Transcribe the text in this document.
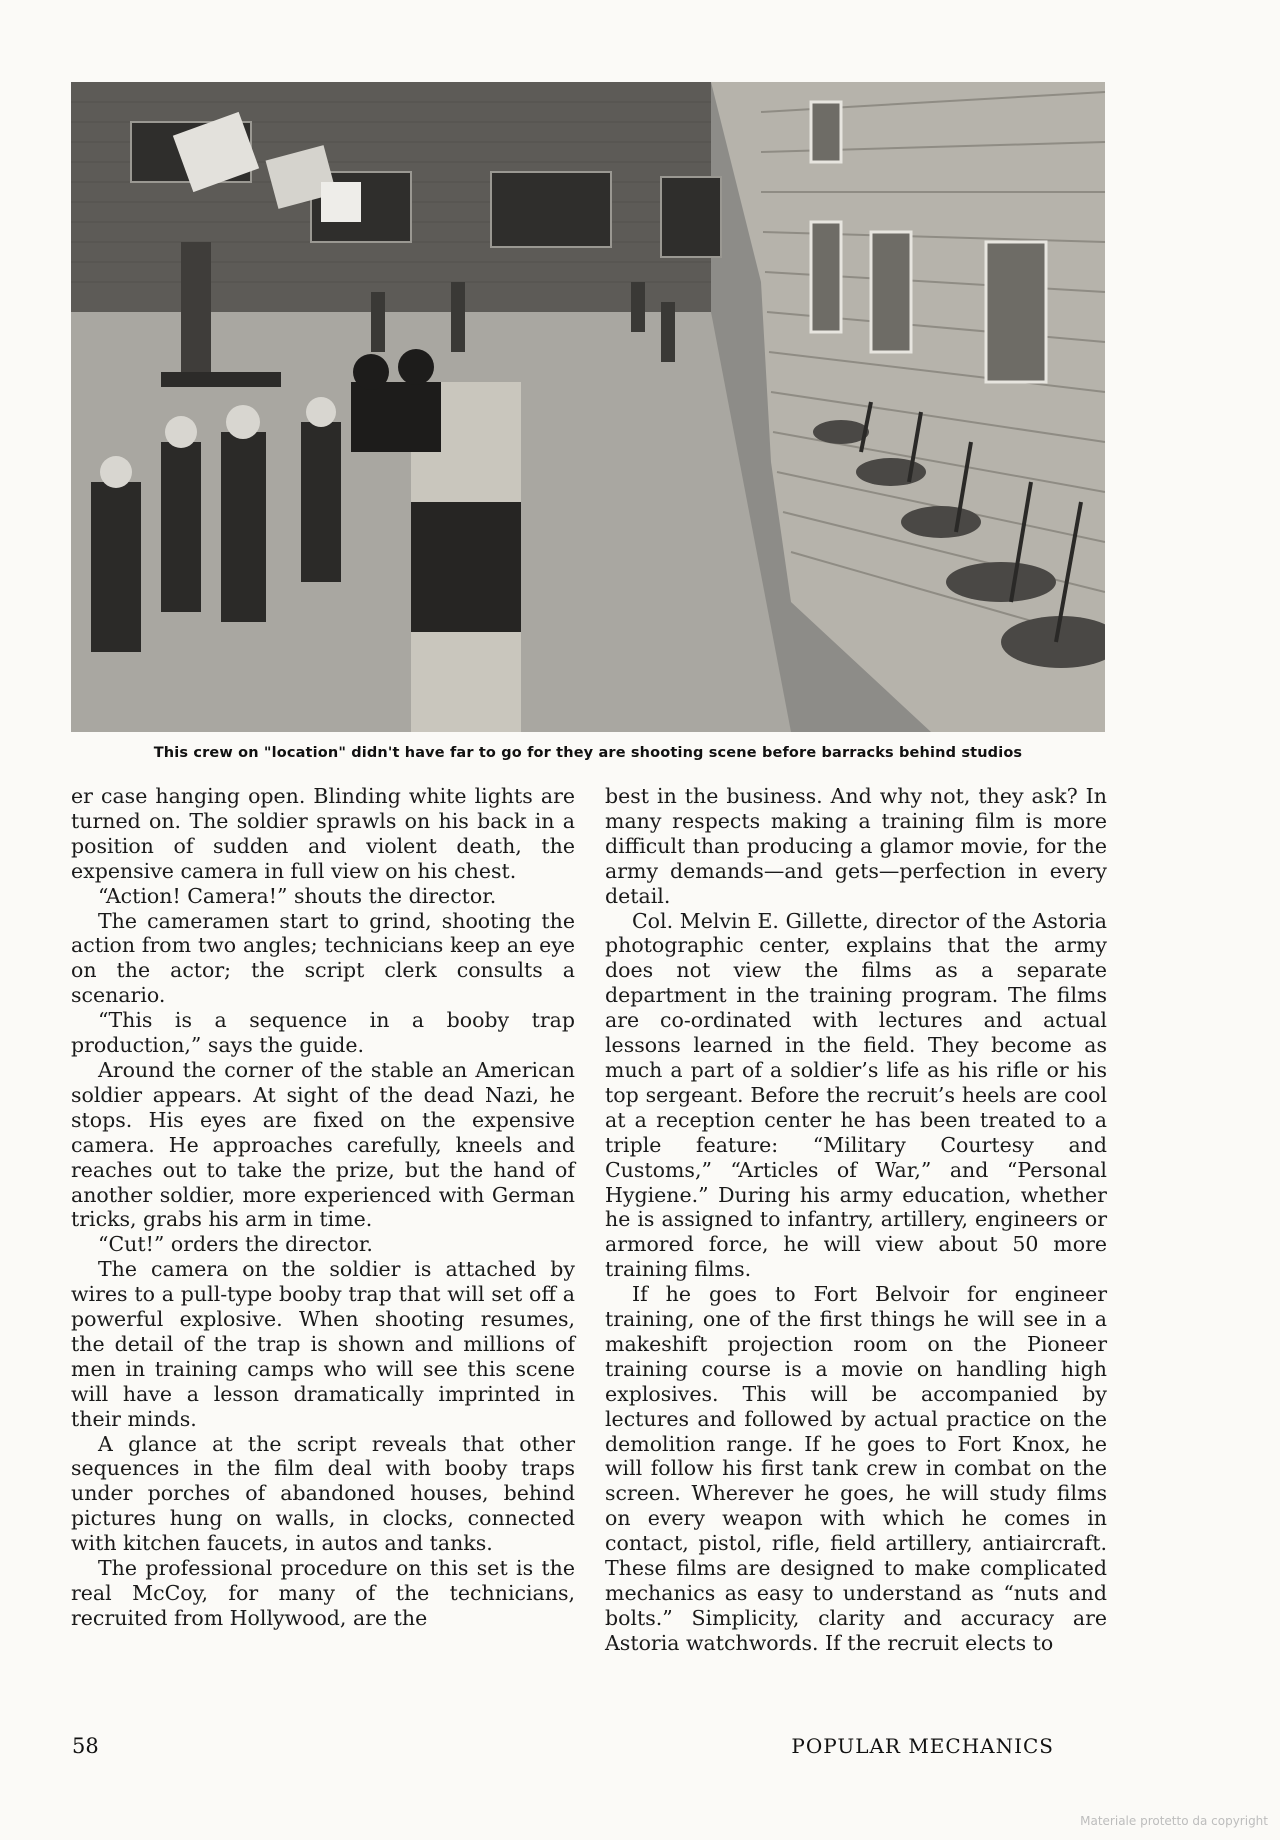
This crew on "location" didn't have far to go for they are shooting scene before barracks behind studios

er case hanging open. Blinding white lights are turned on. The soldier sprawls on his back in a position of sudden and violent death, the expensive camera in full view on his chest.

“Action! Camera!” shouts the director.

The cameramen start to grind, shooting the action from two angles; technicians keep an eye on the actor; the script clerk consults a scenario.

“This is a sequence in a booby trap production,” says the guide.

Around the corner of the stable an American soldier appears. At sight of the dead Nazi, he stops. His eyes are fixed on the expensive camera. He approaches carefully, kneels and reaches out to take the prize, but the hand of another soldier, more experienced with German tricks, grabs his arm in time.

“Cut!” orders the director.

The camera on the soldier is attached by wires to a pull-type booby trap that will set off a powerful explosive. When shooting resumes, the detail of the trap is shown and millions of men in training camps who will see this scene will have a lesson dramatically imprinted in their minds.

A glance at the script reveals that other sequences in the film deal with booby traps under porches of abandoned houses, behind pictures hung on walls, in clocks, connected with kitchen faucets, in autos and tanks.

The professional procedure on this set is the real McCoy, for many of the technicians, recruited from Hollywood, are the

best in the business. And why not, they ask? In many respects making a training film is more difficult than producing a glamor movie, for the army demands—and gets—perfection in every detail.

Col. Melvin E. Gillette, director of the Astoria photographic center, explains that the army does not view the films as a separate department in the training program. The films are co-ordinated with lectures and actual lessons learned in the field. They become as much a part of a soldier’s life as his rifle or his top sergeant. Before the recruit’s heels are cool at a reception center he has been treated to a triple feature: “Military Courtesy and Customs,” “Articles of War,” and “Personal Hygiene.” During his army education, whether he is assigned to infantry, artillery, engineers or armored force, he will view about 50 more training films.

If he goes to Fort Belvoir for engineer training, one of the first things he will see in a makeshift projection room on the Pioneer training course is a movie on handling high explosives. This will be accompanied by lectures and followed by actual practice on the demolition range. If he goes to Fort Knox, he will follow his first tank crew in combat on the screen. Wherever he goes, he will study films on every weapon with which he comes in contact, pistol, rifle, field artillery, antiaircraft. These films are designed to make complicated mechanics as easy to understand as “nuts and bolts.” Simplicity, clarity and accuracy are Astoria watchwords. If the recruit elects to

58	POPULAR MECHANICS
Materiale protetto da copyright
